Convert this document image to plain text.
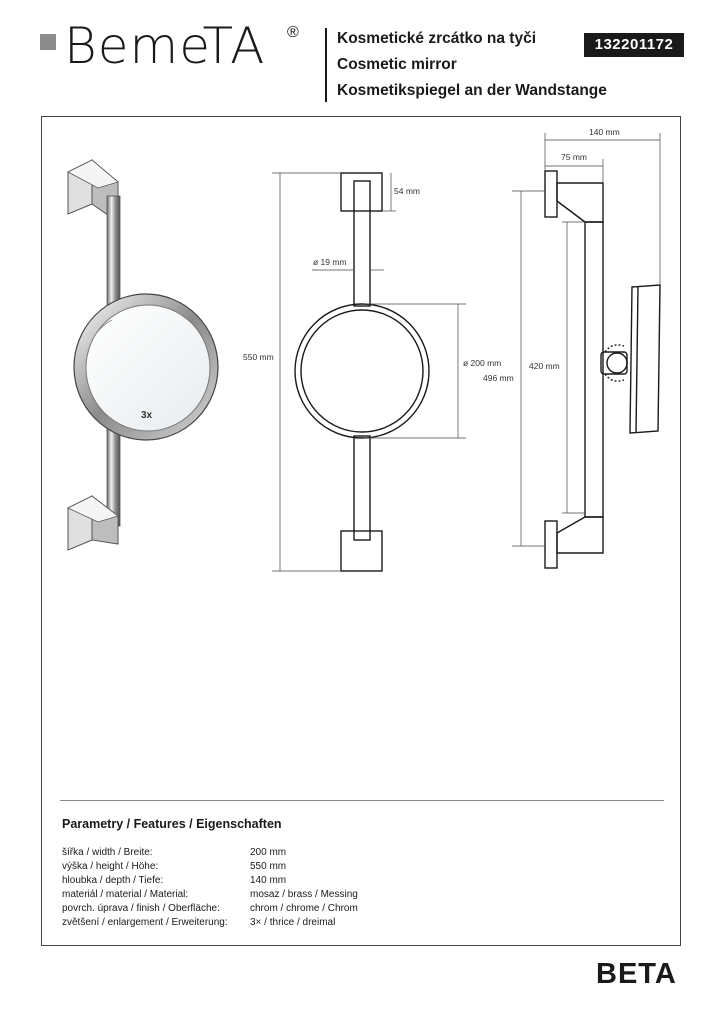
BemeTA ® Kosmetické zrcátko na tyči
Cosmetic mirror
Kosmetikspiegel an der Wandstange
132201172
3x
140 mm
75 mm
54 mm
ø 19 mm
550 mm
ø 200 mm
496 mm
420 mm
Parametry / Features / Eigenschaften
šířka / width / Breite:	200 mm
výška / height / Höhe:	550 mm
hloubka / depth / Tiefe:	140 mm
materiál / material / Material:	mosaz / brass / Messing
povrch. úprava / finish / Oberfläche:	chrom / chrome / Chrom
zvětšení / enlargement / Erweiterung:	3× / thrice / dreimal
BETA
